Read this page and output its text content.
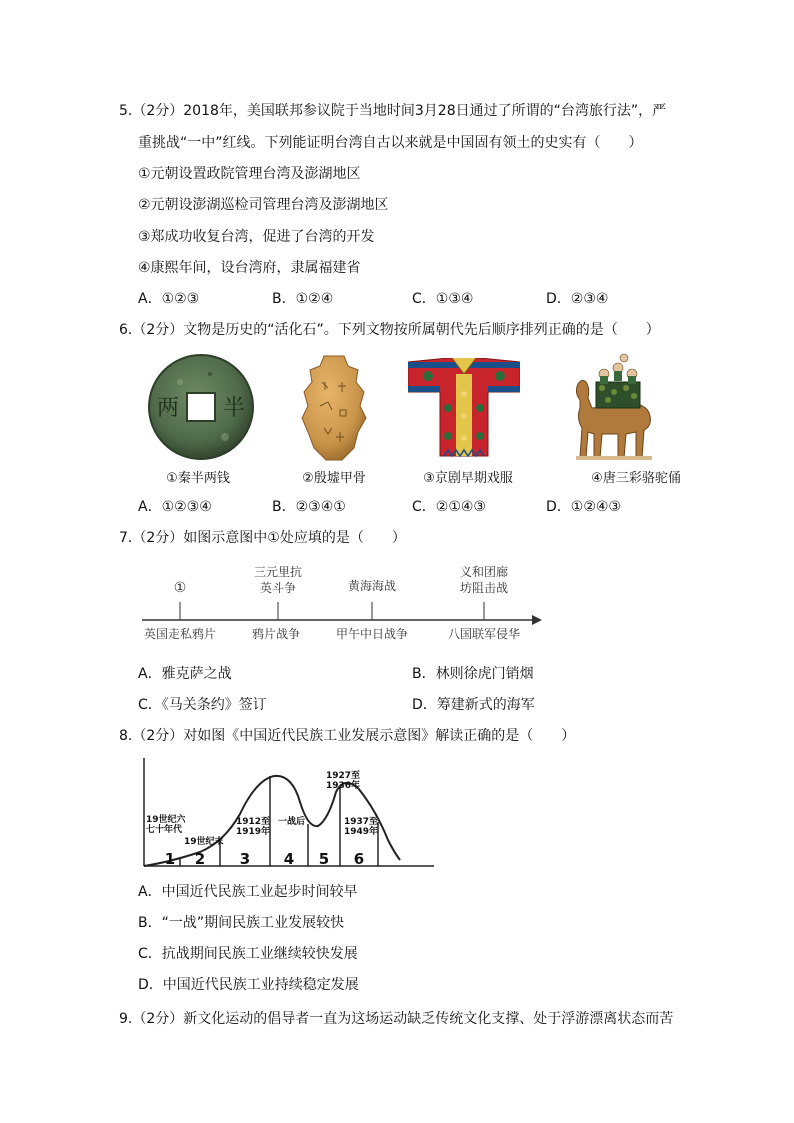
5.（2分）2018年，美国联邦参议院于当地时间3月28日通过了所谓的“台湾旅行法”，严
重挑战“一中”红线。下列能证明台湾自古以来就是中国固有领土的史实有（　　）
①元朝设置政院管理台湾及澎湖地区
②元朝设澎湖巡检司管理台湾及澎湖地区
③郑成功收复台湾，促进了台湾的开发
④康熙年间，设台湾府，隶属福建省
A．①②③	B．①②④	C．①③④	D．②③④
6.（2分）文物是历史的“活化石”。下列文物按所属朝代先后顺序排列正确的是（　　）
两 半
①秦半两钱	②殷墟甲骨	③京剧早期戏服	④唐三彩骆驼俑
A．①②③④	B．②③④①	C．②①④③	D．①②④③
7.（2分）如图示意图中①处应填的是（　　）
①
三元里抗
英斗争	黄海海战
义和团廊
坊阻击战
英国走私鸦片	鸦片战争	甲午中日战争	八国联军侵华
A．雅克萨之战	B．林则徐虎门销烟
C．《马关条约》签订	D．筹建新式的海军
8.（2分）对如图《中国近代民族工业发展示意图》解读正确的是（　　）
19世纪六
七十年代
19世纪末
1912至
1919年
一战后
1927至
1936年
1937至
1949年
1 2 3 4 5 6
A．中国近代民族工业起步时间较早
B．“一战”期间民族工业发展较快
C．抗战期间民族工业继续较快发展
D．中国近代民族工业持续稳定发展
9.（2分）新文化运动的倡导者一直为这场运动缺乏传统文化支撑、处于浮游漂离状态而苦
